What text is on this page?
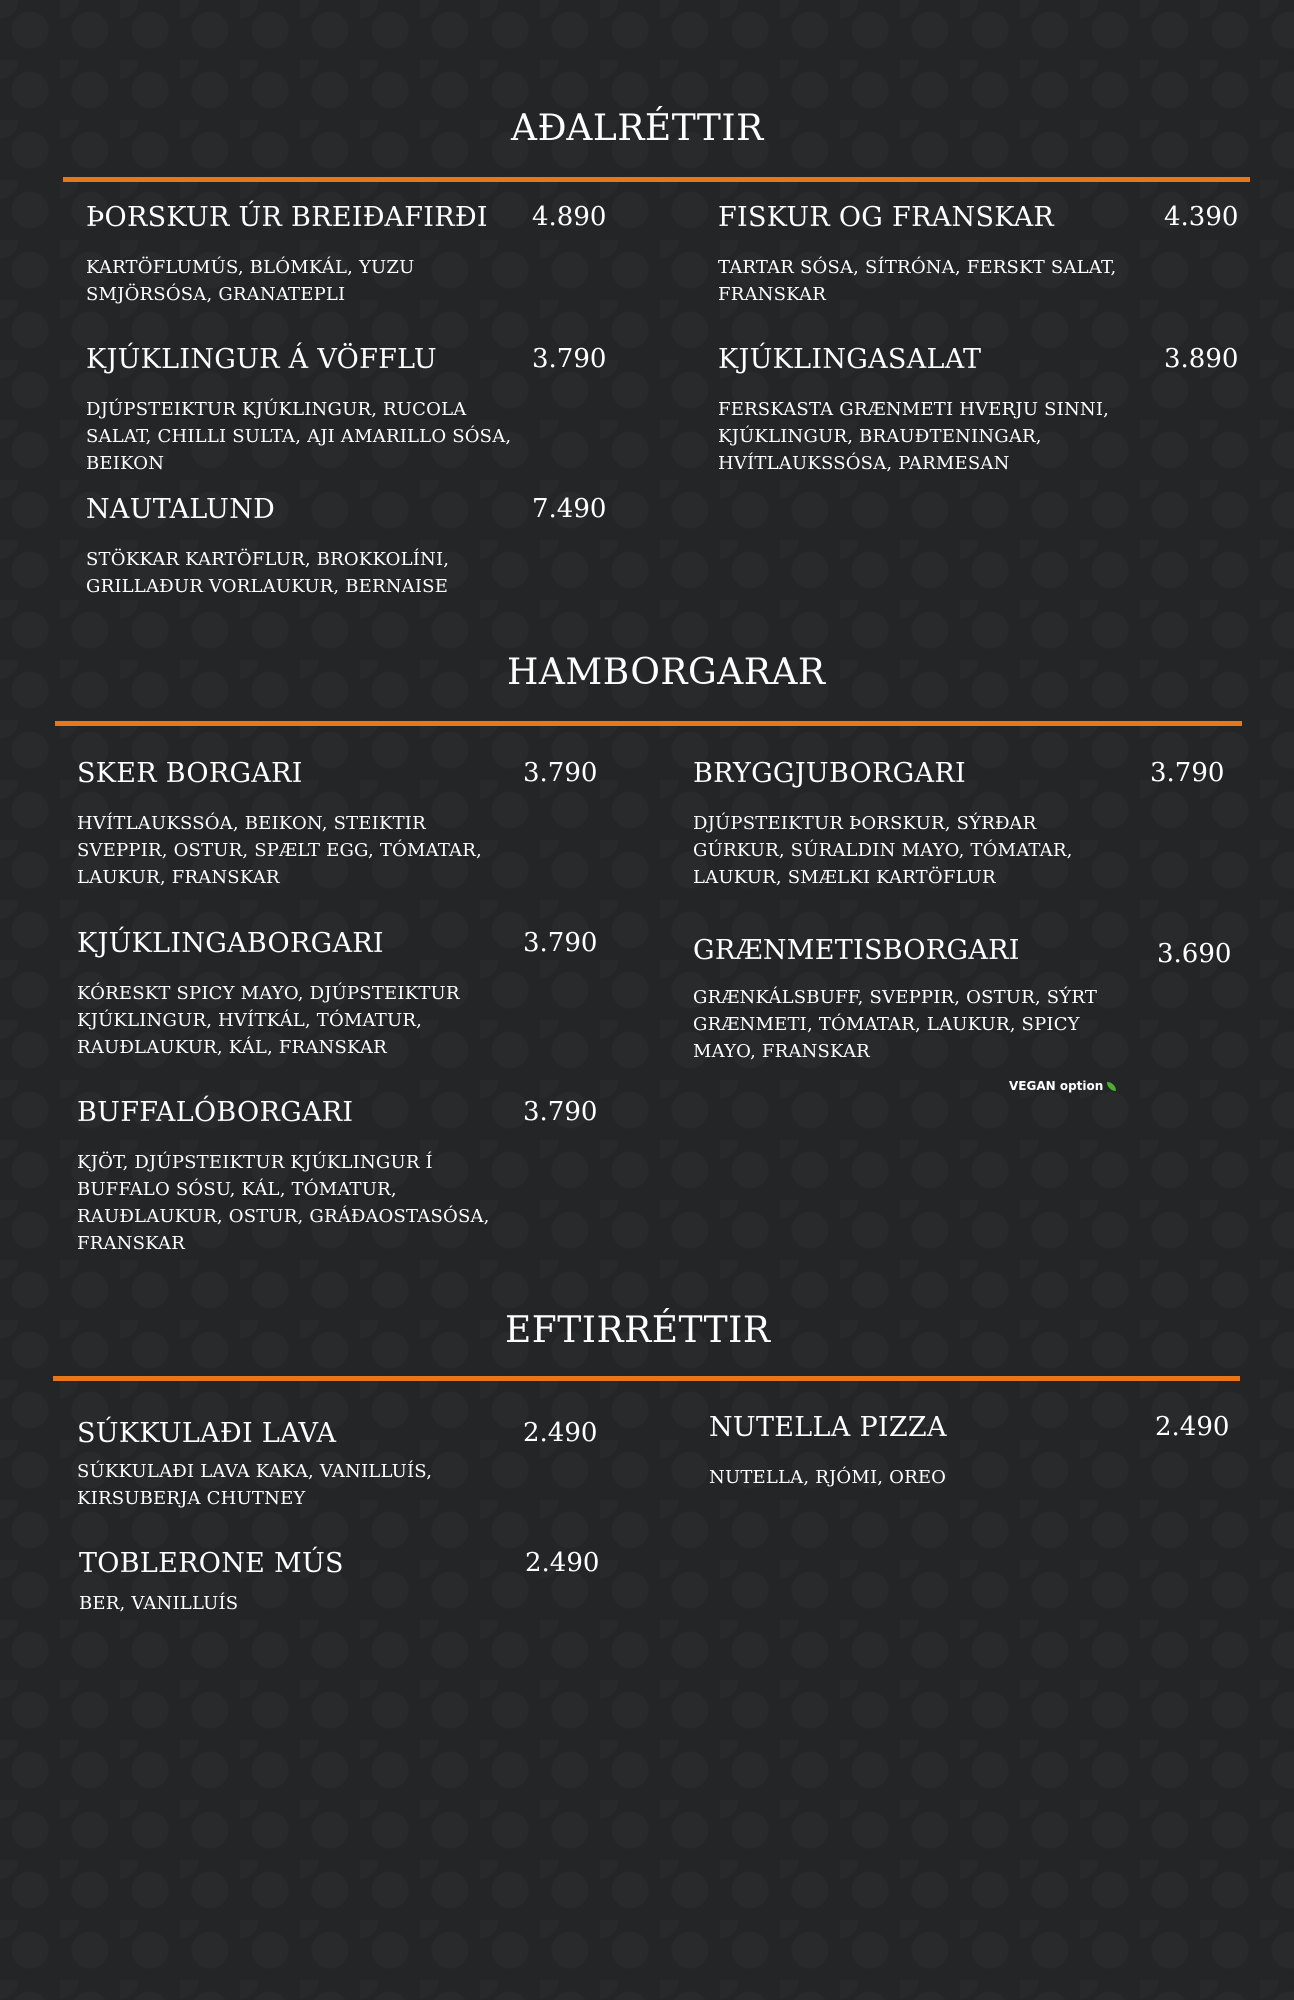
AÐALRÉTTIR
ÞORSKUR ÚR BREIÐAFIRÐI 4.890
KARTÖFLUMÚS, BLÓMKÁL, YUZU SMJÖRSÓSA, GRANATEPLI
FISKUR OG FRANSKAR	4.390
TARTAR SÓSA, SÍTRÓNA, FERSKT SALAT, FRANSKAR
KJÚKLINGUR Á VÖFFLU	3.790
DJÚPSTEIKTUR KJÚKLINGUR, RUCOLA SALAT, CHILLI SULTA, AJI AMARILLO SÓSA, BEIKON
KJÚKLINGASALAT	3.890
FERSKASTA GRÆNMETI HVERJU SINNI, KJÚKLINGUR, BRAUÐTENINGAR, HVÍTLAUKSSÓSA, PARMESAN
NAUTALUND	7.490
STÖKKAR KARTÖFLUR, BROKKOLÍNI, GRILLAÐUR VORLAUKUR, BERNAISE
HAMBORGARAR
SKER BORGARI	3.790
HVÍTLAUKSSÓA, BEIKON, STEIKTIR SVEPPIR, OSTUR, SPÆLT EGG, TÓMATAR, LAUKUR, FRANSKAR
BRYGGJUBORGARI	3.790
DJÚPSTEIKTUR ÞORSKUR, SÝRÐAR GÚRKUR, SÚRALDIN MAYO, TÓMATAR, LAUKUR, SMÆLKI KARTÖFLUR
KJÚKLINGABORGARI	3.790
KÓRESKT SPICY MAYO, DJÚPSTEIKTUR KJÚKLINGUR, HVÍTKÁL, TÓMATUR, RAUÐLAUKUR, KÁL, FRANSKAR
GRÆNMETISBORGARI	3.690
GRÆNKÁLSBUFF, SVEPPIR, OSTUR, SÝRT GRÆNMETI, TÓMATAR, LAUKUR, SPICY MAYO, FRANSKAR
VEGAN option
BUFFALÓBORGARI	3.790
KJÖT, DJÚPSTEIKTUR KJÚKLINGUR Í BUFFALO SÓSU, KÁL, TÓMATUR, RAUÐLAUKUR, OSTUR, GRÁÐAOSTASÓSA, FRANSKAR
EFTIRRÉTTIR
SÚKKULAÐI LAVA	2.490
SÚKKULAÐI LAVA KAKA, VANILLUÍS, KIRSUBERJA CHUTNEY
NUTELLA PIZZA	2.490
NUTELLA, RJÓMI, OREO
TOBLERONE MÚS	2.490
BER, VANILLUÍS
